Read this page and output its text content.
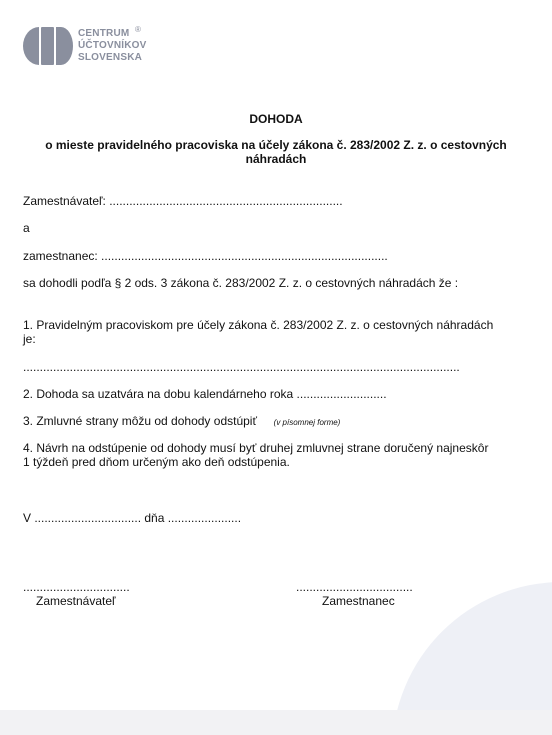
CENTRUM
ÚČTOVNÍKOV
SLOVENSKA
®
DOHODA
o mieste pravidelného pracoviska na účely zákona č. 283/2002 Z. z. o cestovných
náhradách
Zamestnávateľ: ......................................................................
a
zamestnanec: ......................................................................................
sa dohodli podľa § 2 ods. 3 zákona č. 283/2002 Z. z. o cestovných náhradách že :
1. Pravidelným pracoviskom pre účely zákona č. 283/2002 Z. z. o cestovných náhradách
je:
...................................................................................................................................
2. Dohoda sa uzatvára na dobu kalendárneho roka ...........................
3. Zmluvné strany môžu od dohody odstúpiť (v písomnej forme)
4. Návrh na odstúpenie od dohody musí byť druhej zmluvnej strane doručený najneskôr
1 týždeň pred dňom určeným ako deň odstúpenia.
V ................................ dňa ......................
................................
Zamestnávateľ
...................................
Zamestnanec
